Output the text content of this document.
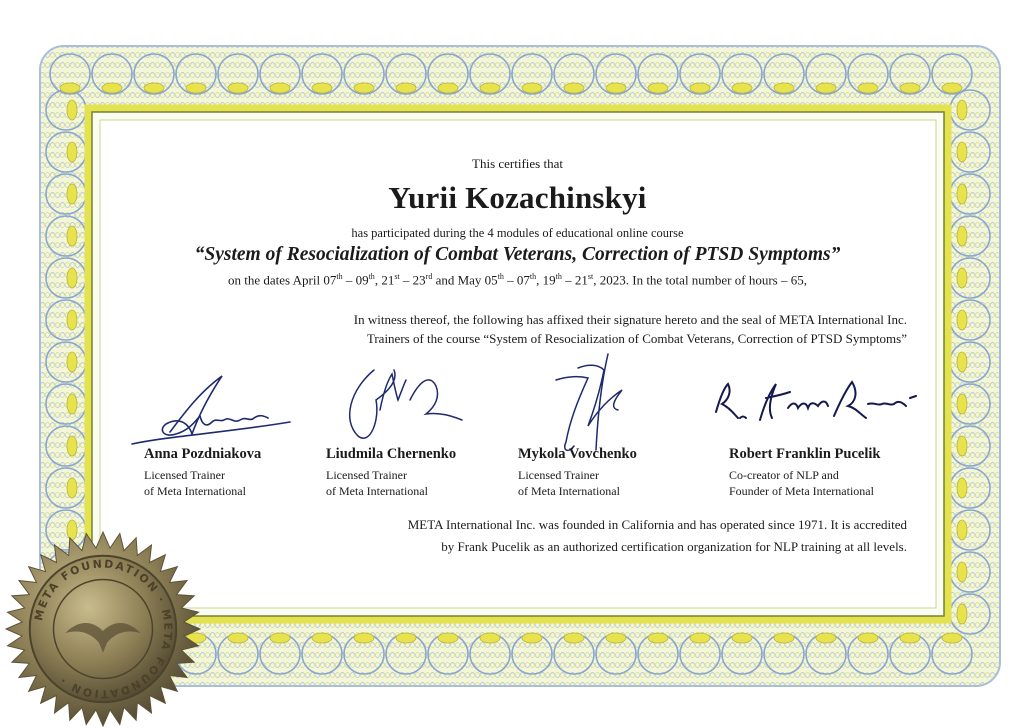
This certifies that
Yurii Kozachinskyi
has participated during the 4 modules of educational online course
“System of Resocialization of Combat Veterans, Correction of PTSD Symptoms”
on the dates April 07th – 09th, 21st – 23rd and May 05th – 07th, 19th – 21st, 2023. In the total number of hours – 65,
In witness thereof, the following has affixed their signature hereto and the seal of META International Inc.
Trainers of the course “System of Resocialization of Combat Veterans, Correction of PTSD Symptoms”
Anna Pozdniakova
Licensed Trainer
of Meta International
Liudmila Chernenko
Licensed Trainer
of Meta International
Mykola Vovchenko
Licensed Trainer
of Meta International
Robert Franklin Pucelik
Co-creator of NLP and
Founder of Meta International
META International Inc. was founded in California and has operated since 1971. It is accredited
by Frank Pucelik as an authorized certification organization for NLP training at all levels.
META FOUNDATION · META FOUNDATION ·
